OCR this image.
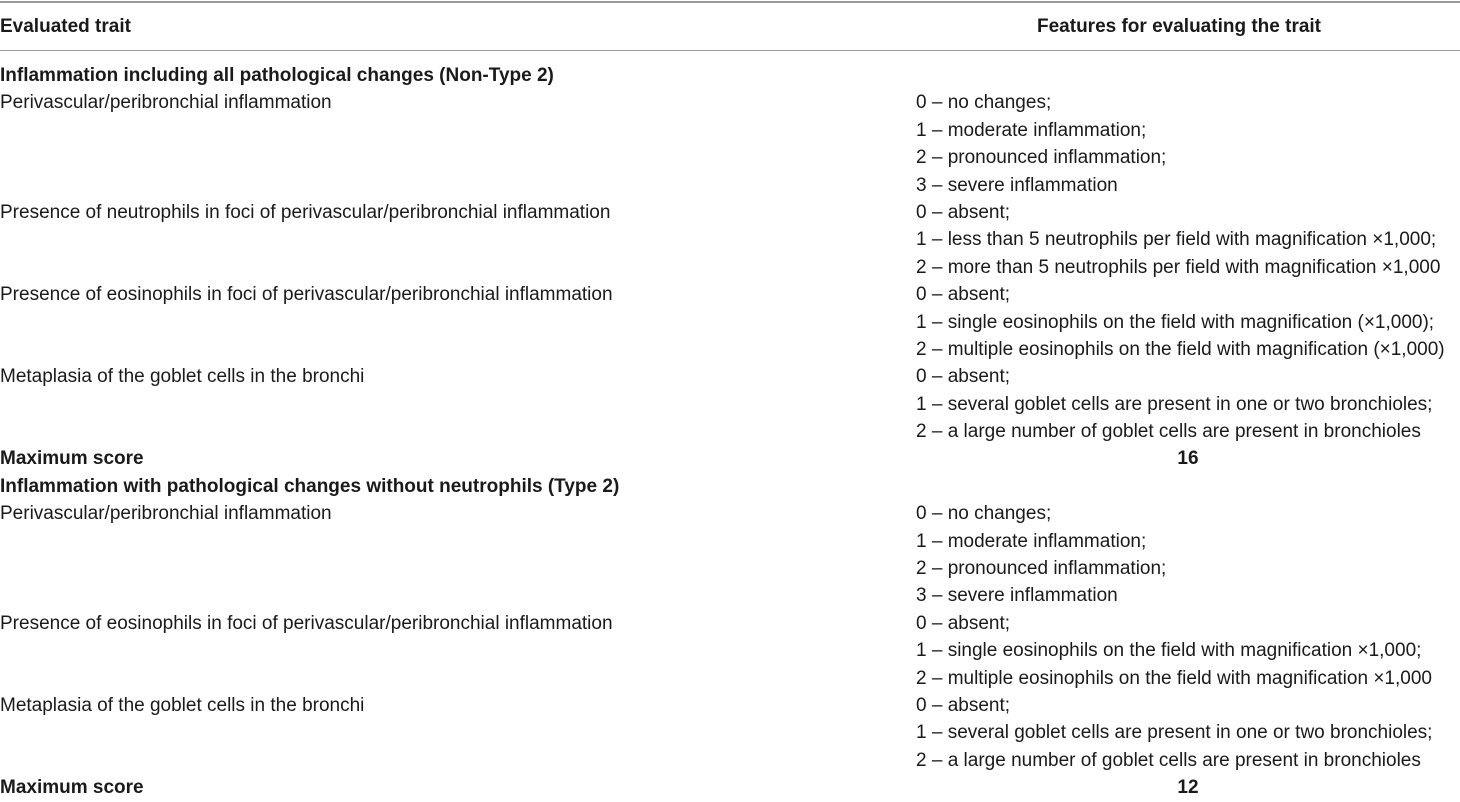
Evaluated trait	Features for evaluating the trait
Inflammation including all pathological changes (Non-Type 2)
Perivascular/peribronchial inflammation	0 – no changes;
1 – moderate inflammation;
2 – pronounced inflammation;
3 – severe inflammation
Presence of neutrophils in foci of perivascular/peribronchial inflammation	0 – absent;
1 – less than 5 neutrophils per field with magnification ×1,000;
2 – more than 5 neutrophils per field with magnification ×1,000
Presence of eosinophils in foci of perivascular/peribronchial inflammation	0 – absent;
1 – single eosinophils on the field with magnification (×1,000);
2 – multiple eosinophils on the field with magnification (×1,000)
Metaplasia of the goblet cells in the bronchi	0 – absent;
1 – several goblet cells are present in one or two bronchioles;
2 – a large number of goblet cells are present in bronchioles
Maximum score	16
Inflammation with pathological changes without neutrophils (Type 2)
Perivascular/peribronchial inflammation	0 – no changes;
1 – moderate inflammation;
2 – pronounced inflammation;
3 – severe inflammation
Presence of eosinophils in foci of perivascular/peribronchial inflammation	0 – absent;
1 – single eosinophils on the field with magnification ×1,000;
2 – multiple eosinophils on the field with magnification ×1,000
Metaplasia of the goblet cells in the bronchi	0 – absent;
1 – several goblet cells are present in one or two bronchioles;
2 – a large number of goblet cells are present in bronchioles
Maximum score	12
